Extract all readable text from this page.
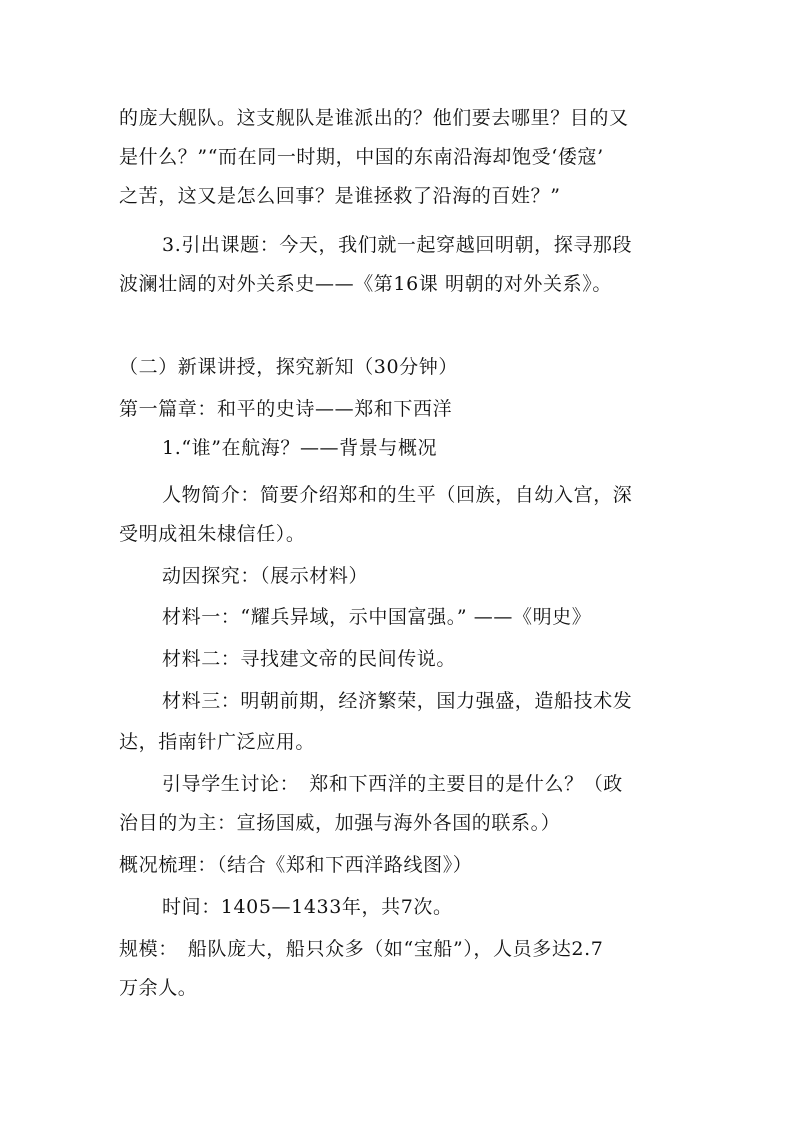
的庞大舰队。这支舰队是谁派出的？他们要去哪里？目的又
是什么？”“而在同一时期，中国的东南沿海却饱受‘倭寇’
之苦，这又是怎么回事？是谁拯救了沿海的百姓？”
3.引出课题：今天，我们就一起穿越回明朝，探寻那段
波澜壮阔的对外关系史——《第16课 明朝的对外关系》。
（二）新课讲授，探究新知（30分钟）
第一篇章：和平的史诗——郑和下西洋
1.“谁”在航海？——背景与概况
人物简介：简要介绍郑和的生平（回族，自幼入宫，深
受明成祖朱棣信任）。
动因探究：（展示材料）
材料一：“耀兵异域，示中国富强。” ——《明史》
材料二：寻找建文帝的民间传说。
材料三：明朝前期，经济繁荣，国力强盛，造船技术发
达，指南针广泛应用。
引导学生讨论：　郑和下西洋的主要目的是什么？（政
治目的为主：宣扬国威，加强与海外各国的联系。）
概况梳理：（结合《郑和下西洋路线图》）
时间：1405—1433年，共7次。
规模：　船队庞大，船只众多（如“宝船”），人员多达2.7
万余人。
